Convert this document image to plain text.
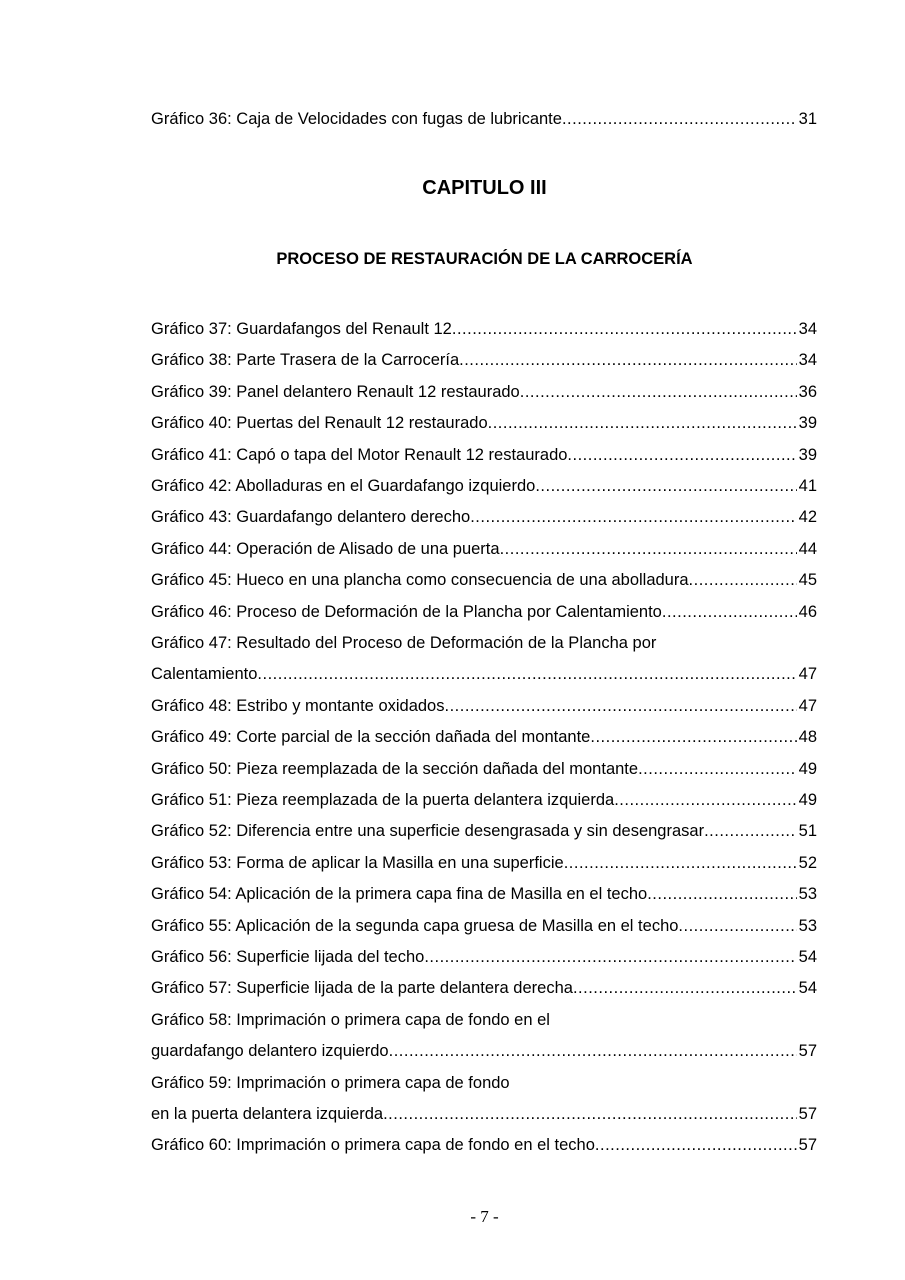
CAPITULO III
PROCESO DE RESTAURACIÓN DE LA CARROCERÍA
Gráfico 36: Caja de Velocidades con fugas de lubricante .....	31
Gráfico 37: Guardafangos del Renault 12 .....	34
Gráfico 38: Parte Trasera de la Carrocería .....	34
Gráfico 39: Panel delantero Renault 12 restaurado .....	36
Gráfico 40: Puertas del Renault 12 restaurado .....	39
Gráfico 41: Capó o tapa del Motor Renault 12 restaurado .....	39
Gráfico 42: Abolladuras en el Guardafango izquierdo .....	41
Gráfico 43: Guardafango delantero derecho .....	42
Gráfico 44: Operación de Alisado de una puerta .....	44
Gráfico 45: Hueco en una plancha como consecuencia de una abolladura .....	45
Gráfico 46: Proceso de Deformación de la Plancha por Calentamiento .....	46
Gráfico 47: Resultado del Proceso de Deformación de la Plancha por
Calentamiento .....	47
Gráfico 48: Estribo y montante oxidados .....	47
Gráfico 49: Corte parcial de la sección dañada del montante .....	48
Gráfico 50: Pieza reemplazada de la sección dañada del montante .....	49
Gráfico 51: Pieza reemplazada de la puerta delantera izquierda .....	49
Gráfico 52: Diferencia entre una superficie desengrasada y sin desengrasar .....	51
Gráfico 53: Forma de aplicar la Masilla en una superficie .....	52
Gráfico 54: Aplicación de la primera capa fina de Masilla en el techo .....	53
Gráfico 55: Aplicación de la segunda capa gruesa de Masilla en el techo .....	53
Gráfico 56: Superficie lijada del techo .....	54
Gráfico 57: Superficie lijada de la parte delantera derecha .....	54
Gráfico 58: Imprimación o primera capa de fondo en el
guardafango delantero izquierdo .....	57
Gráfico 59: Imprimación o primera capa de fondo
en la puerta delantera izquierda .....	57
Gráfico 60: Imprimación o primera capa de fondo en el techo .....	57
- 7 -
